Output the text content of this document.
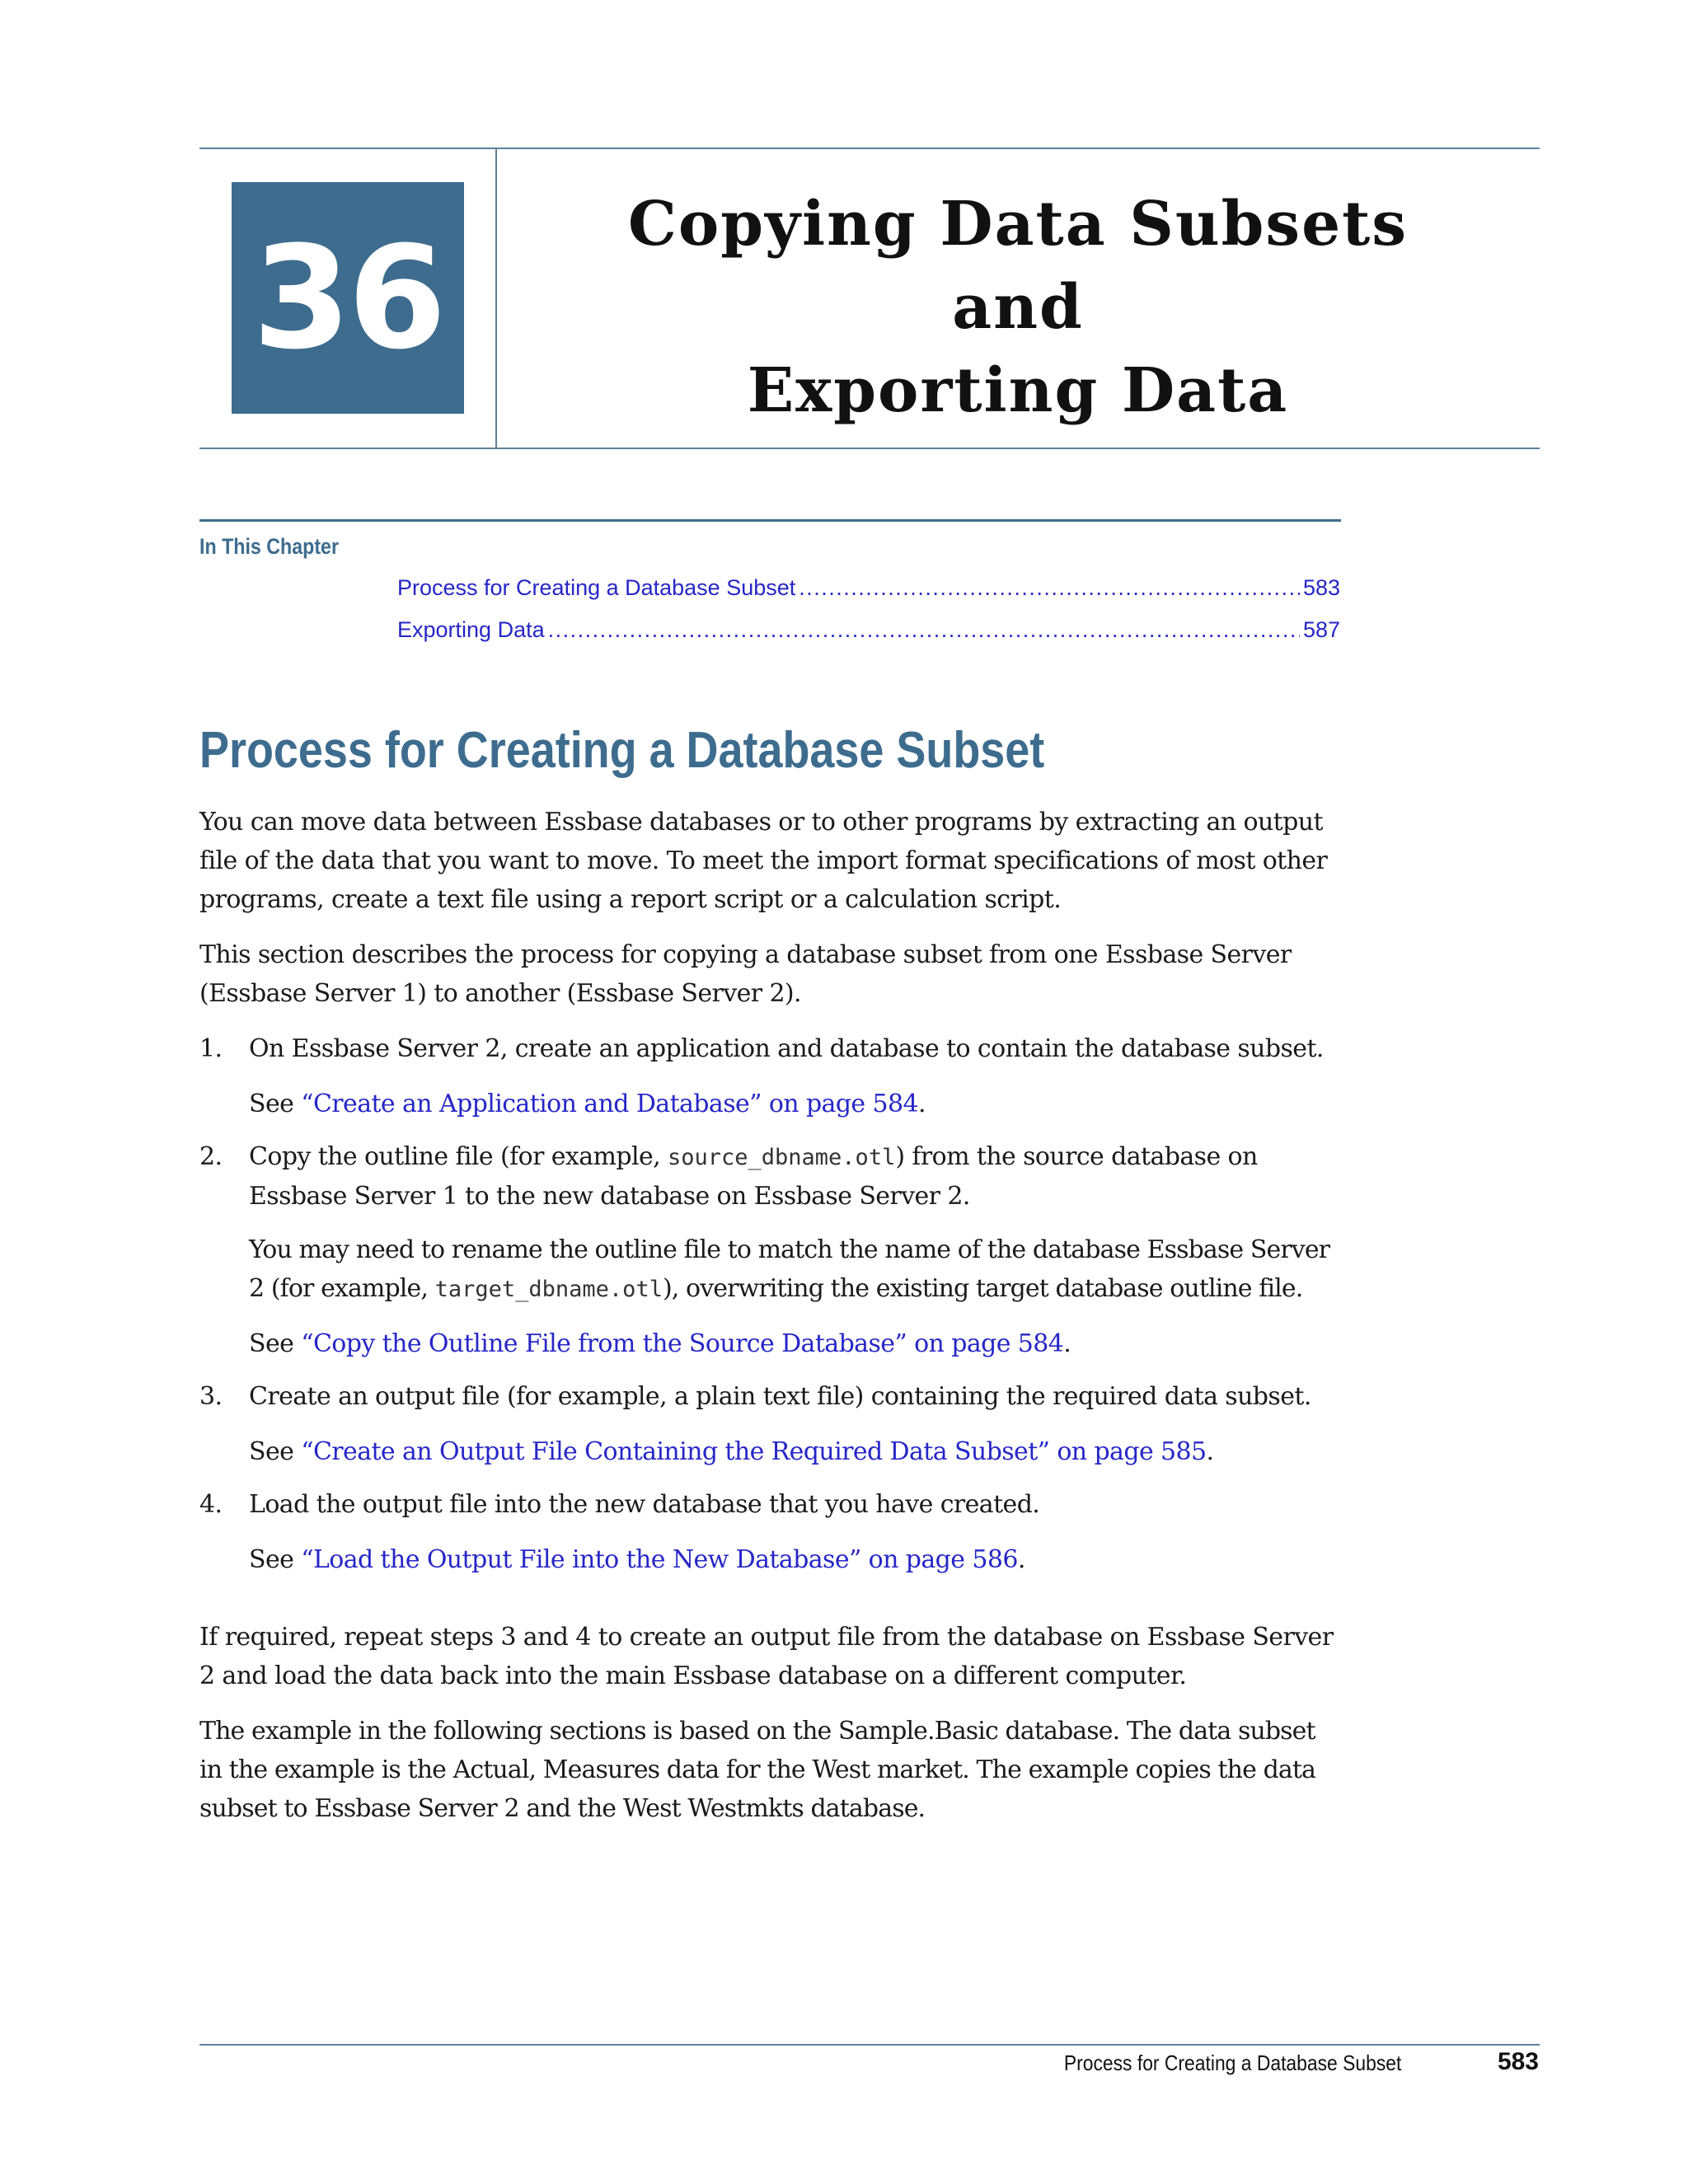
36	Copying Data Subsets and
Exporting Data
In This Chapter
Process for Creating a Database Subset . . .	583
Exporting Data . . .	587
Process for Creating a Database Subset

You can move data between Essbase databases or to other programs by extracting an output file of the data that you want to move. To meet the import format specifications of most other programs, create a text file using a report script or a calculation script.

This section describes the process for copying a database subset from one Essbase Server (Essbase Server 1) to another (Essbase Server 2).

1. On Essbase Server 2, create an application and database to contain the database subset.
See “Create an Application and Database” on page 584.
2. Copy the outline file (for example, source_dbname.otl) from the source database on Essbase Server 1 to the new database on Essbase Server 2.
You may need to rename the outline file to match the name of the database Essbase Server 2 (for example, target_dbname.otl), overwriting the existing target database outline file.
See “Copy the Outline File from the Source Database” on page 584.
3. Create an output file (for example, a plain text file) containing the required data subset.
See “Create an Output File Containing the Required Data Subset” on page 585.
4. Load the output file into the new database that you have created.
See “Load the Output File into the New Database” on page 586.

If required, repeat steps 3 and 4 to create an output file from the database on Essbase Server 2 and load the data back into the main Essbase database on a different computer.

The example in the following sections is based on the Sample.Basic database. The data subset in the example is the Actual, Measures data for the West market. The example copies the data subset to Essbase Server 2 and the West Westmkts database.

Process for Creating a Database Subset	583
